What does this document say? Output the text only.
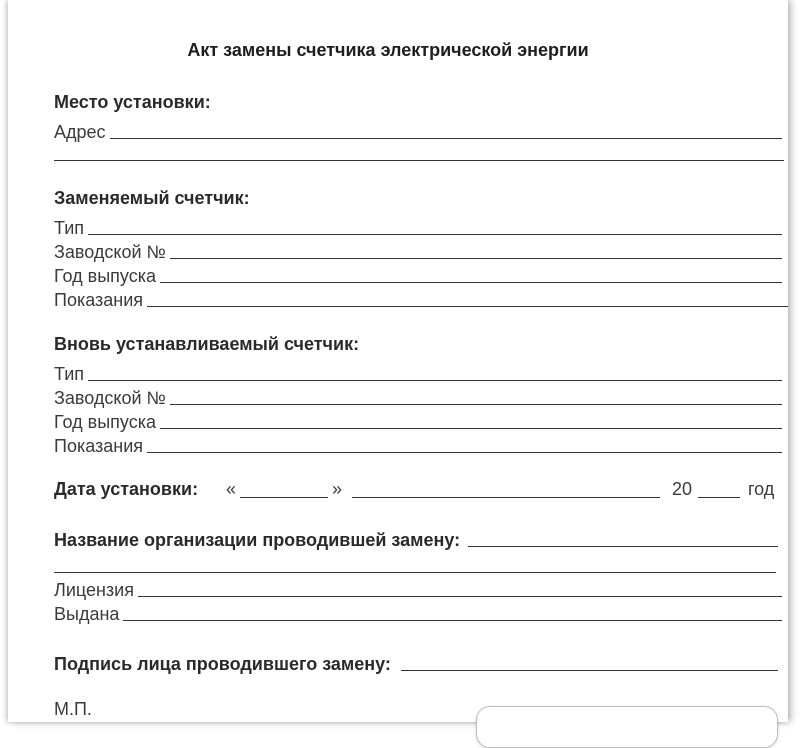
Акт замены счетчика электрической энергии
Место установки:
Адрес
Заменяемый счетчик:
Тип
Заводской №
Год выпуска
Показания
Вновь устанавливаемый счетчик:
Тип
Заводской №
Год выпуска
Показания
Дата установки: «	»	20	год
Название организации проводившей замену:
Лицензия
Выдана
Подпись лица проводившего замену:
М.П.
